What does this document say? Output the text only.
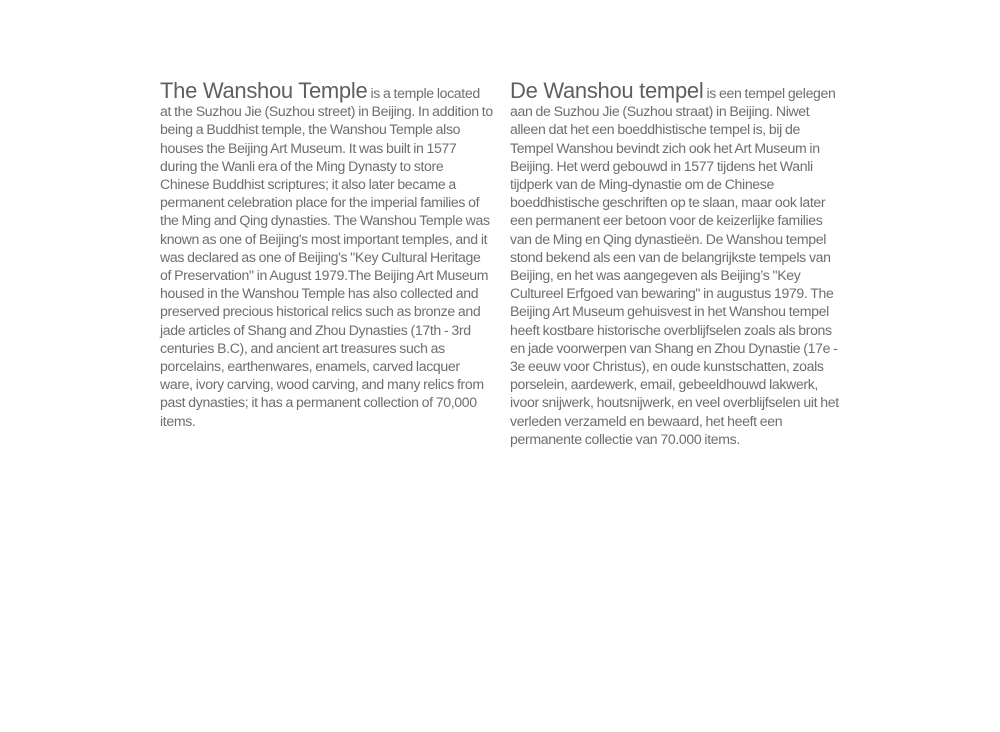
The Wanshou Temple is a temple located at the Suzhou Jie (Suzhou street) in Beijing. In addition to being a Buddhist temple, the Wanshou Temple also houses the Beijing Art Museum. It was built in 1577 during the Wanli era of the Ming Dynasty to store Chinese Buddhist scriptures; it also later became a permanent celebration place for the imperial families of the Ming and Qing dynasties. The Wanshou Temple was known as one of Beijing's most important temples, and it was declared as one of Beijing's "Key Cultural Heritage of Preservation" in August 1979.The Beijing Art Museum housed in the Wanshou Temple has also collected and preserved precious historical relics such as bronze and jade articles of Shang and Zhou Dynasties (17th - 3rd centuries B.C), and ancient art treasures such as porcelains, earthenwares, enamels, carved lacquer ware, ivory carving, wood carving, and many relics from past dynasties; it has a permanent collection of 70,000 items.
De Wanshou tempel is een tempel gelegen aan de Suzhou Jie (Suzhou straat) in Beijing. Niwet alleen dat het een boeddhistische tempel is, bij de Tempel Wanshou bevindt zich ook het Art Museum in Beijing. Het werd gebouwd in 1577 tijdens het Wanli tijdperk van de Ming-dynastie om de Chinese boeddhistische geschriften op te slaan, maar ook later een permanent eer betoon voor de keizerlijke families van de Ming en Qing dynastieën. De Wanshou tempel stond bekend als een van de belangrijkste tempels van Beijing, en het was aangegeven als Beijing’s "Key Cultureel Erfgoed van bewaring" in augustus 1979. The Beijing Art Museum gehuisvest in het Wanshou tempel heeft kostbare historische overblijfselen zoals als brons en jade voorwerpen van Shang en Zhou Dynastie (17e - 3e eeuw voor Christus), en oude kunstschatten, zoals porselein, aardewerk, email, gebeeldhouwd lakwerk, ivoor snijwerk, houtsnijwerk, en veel overblijfselen uit het verleden verzameld en bewaard, het heeft een permanente collectie van 70.000 items.
